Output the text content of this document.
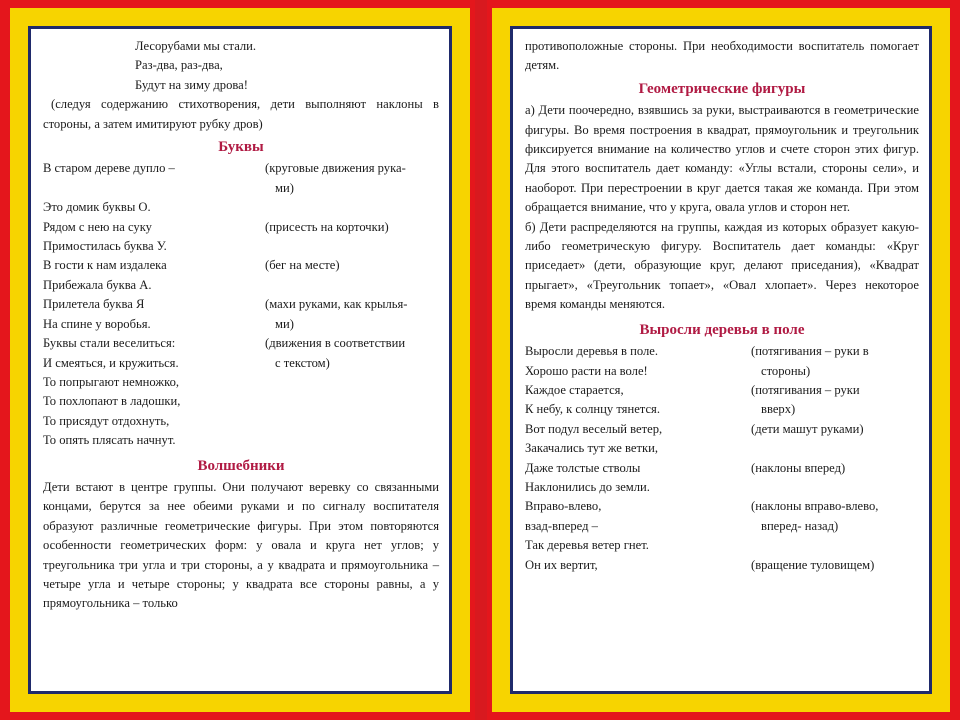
Лесорубами мы стали.
Раз-два, раз-два,
Будут на зиму дрова!
(следуя содержанию стихотворения, дети выполняют наклоны в стороны, а затем имитируют рубку дров)
Буквы
В старом дереве дупло –	(круговые движения рука-
ми)
Это домик буквы О.
Рядом с нею на суку	(присесть на корточки)
Примостилась буква У.
В гости к нам издалека	(бег на месте)
Прибежала буква А.
Прилетела буква Я	(махи руками, как крылья-
На спине у воробья.	ми)
Буквы стали веселиться:	(движения в соответствии
И смеяться, и кружиться.	с текстом)
То попрыгают немножко,
То похлопают в ладошки,
То присядут отдохнуть,
То опять плясать начнут.
Волшебники
Дети встают в центре группы. Они получают веревку со связанными концами, берутся за нее обеими руками и по сигналу воспитателя образуют различные геометрические фигуры. При этом повторяются особенности геометрических форм: у овала и круга нет углов; у треугольника три угла и три стороны, а у квадрата и прямоугольника – четыре угла и четыре стороны; у квадрата все стороны равны, а у прямоугольника – только
противоположные стороны. При необходимости воспитатель помогает детям.
Геометрические фигуры
а) Дети поочередно, взявшись за руки, выстраиваются в геометрические фигуры. Во время построения в квадрат, прямоугольник и треугольник фиксируется внимание на количество углов и счете сторон этих фигур. Для этого воспитатель дает команду: «Углы встали, стороны сели», и наоборот. При перестроении в круг дается такая же команда. При этом обращается внимание, что у круга, овала углов и сторон нет.
б) Дети распределяются на группы, каждая из которых образует какую-либо геометрическую фигуру. Воспитатель дает команды: «Круг приседает» (дети, образующие круг, делают приседания), «Квадрат прыгает», «Треугольник топает», «Овал хлопает». Через некоторое время команды меняются.
Выросли деревья в поле
Выросли деревья в поле.	(потягивания – руки в
Хорошо расти на воле!	стороны)
Каждое старается,	(потягивания – руки
К небу, к солнцу тянется.	вверх)
Вот подул веселый ветер,	(дети машут руками)
Закачались тут же ветки,
Даже толстые стволы	(наклоны вперед)
Наклонились до земли.
Вправо-влево,	(наклоны вправо-влево,
взад-вперед –	вперед- назад)
Так деревья ветер гнет.
Он их вертит,	(вращение туловищем)
